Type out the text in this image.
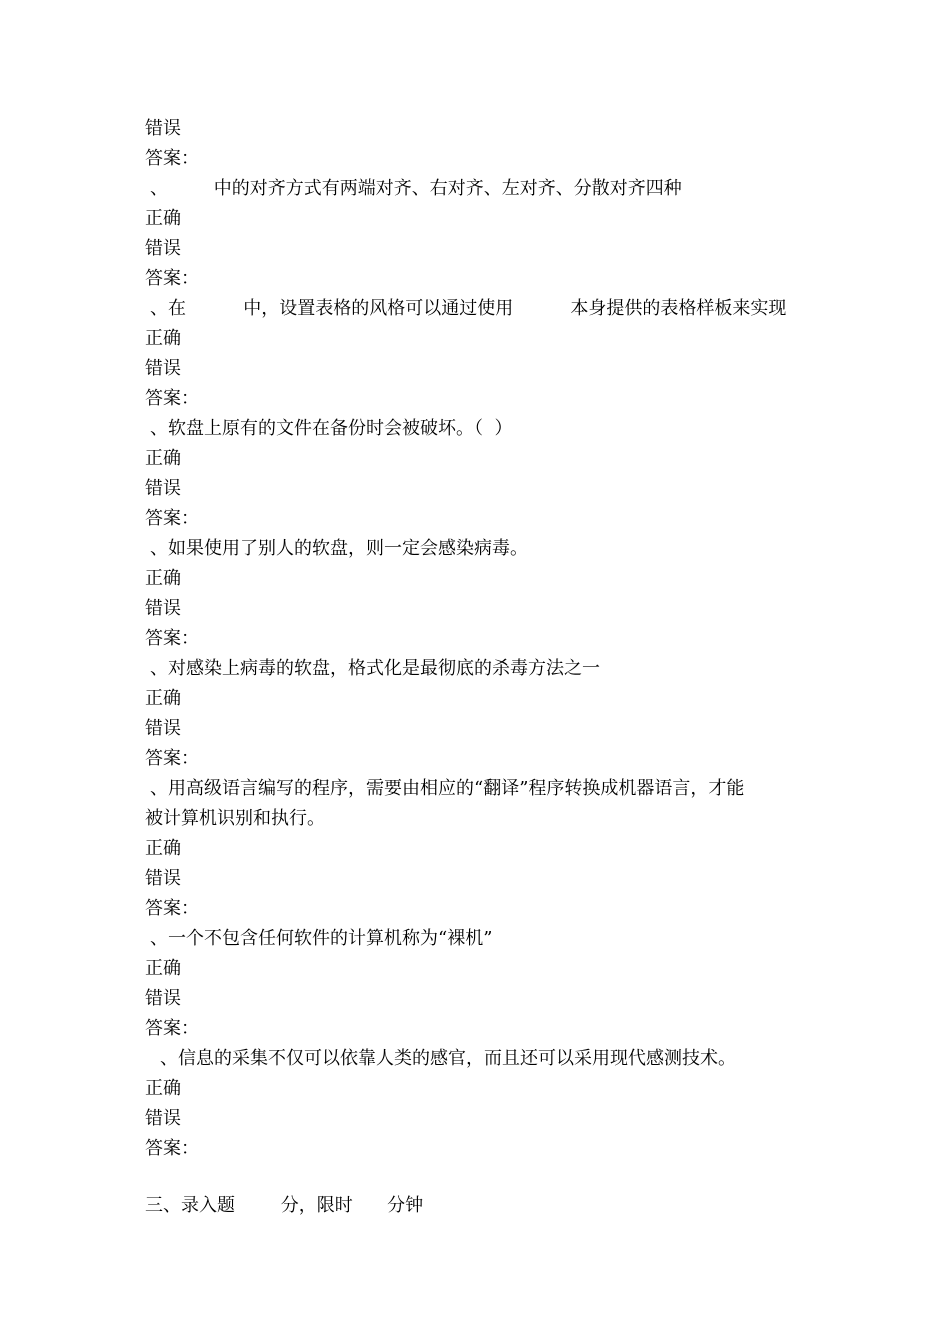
错误
答案：
、        中的对齐方式有两端对齐、右对齐、左对齐、分散对齐四种
正确
错误
答案：
、在          中，设置表格的风格可以通过使用          本身提供的表格样板来实现
正确
错误
答案：
、软盘上原有的文件在备份时会被破坏。（  ）
正确
错误
答案：
、如果使用了别人的软盘，则一定会感染病毒。
正确
错误
答案：
、对感染上病毒的软盘，格式化是最彻底的杀毒方法之一
正确
错误
答案：
、用高级语言编写的程序，需要由相应的“翻译”程序转换成机器语言，才能
被计算机识别和执行。
正确
错误
答案：
、一个不包含任何软件的计算机称为“裸机”
正确
错误
答案：
、信息的采集不仅可以依靠人类的感官，而且还可以采用现代感测技术。
正确
错误
答案：
三、录入题        分，限时      分钟
